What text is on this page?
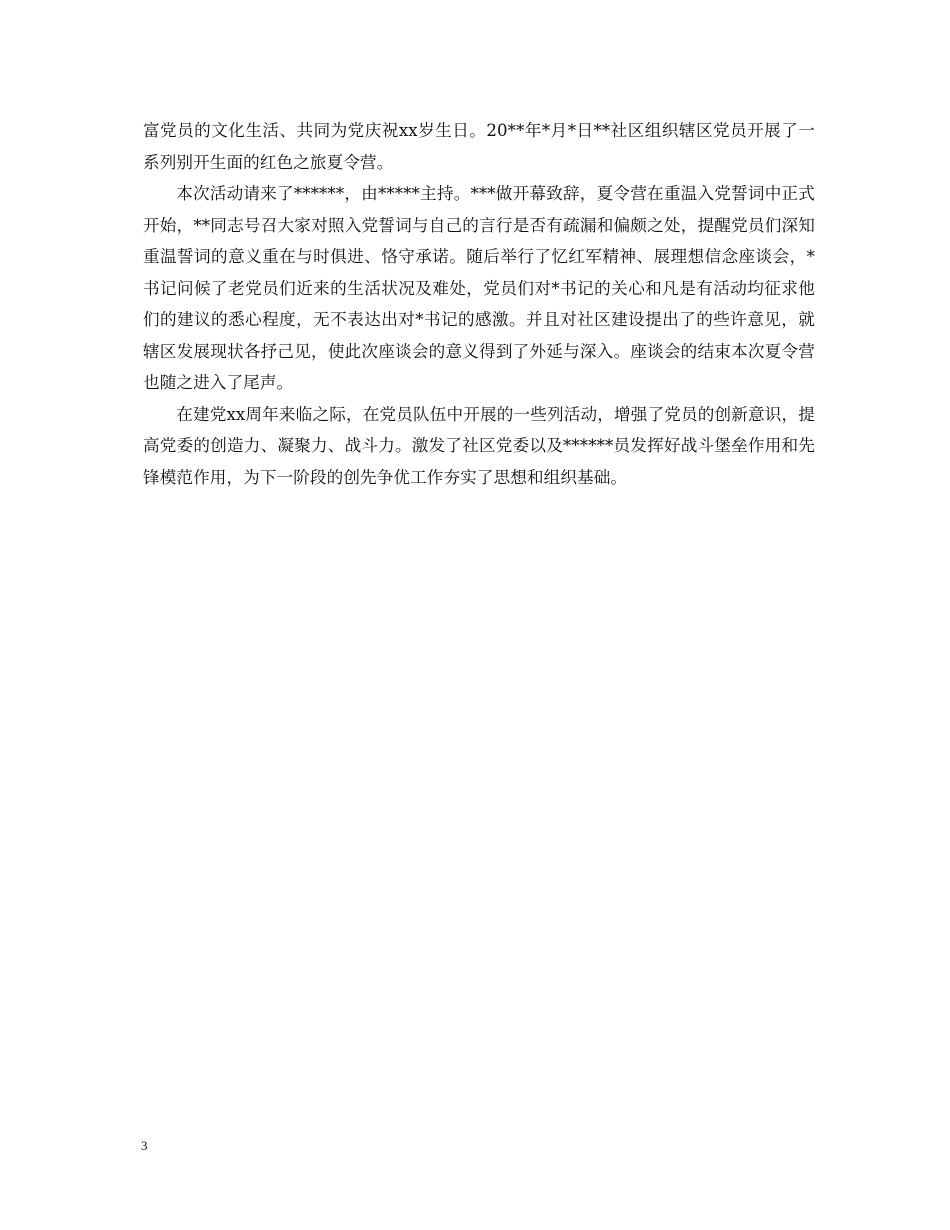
富党员的文化生活、共同为党庆祝xx岁生日。20**年*月*日**社区组织辖区党员开展了一系列别开生面的红色之旅夏令营。

本次活动请来了******，由*****主持。***做开幕致辞，夏令营在重温入党誓词中正式开始，**同志号召大家对照入党誓词与自己的言行是否有疏漏和偏颇之处，提醒党员们深知重温誓词的意义重在与时俱进、恪守承诺。随后举行了忆红军精神、展理想信念座谈会，*书记问候了老党员们近来的生活状况及难处，党员们对*书记的关心和凡是有活动均征求他们的建议的悉心程度，无不表达出对*书记的感激。并且对社区建设提出了的些许意见，就辖区发展现状各抒己见，使此次座谈会的意义得到了外延与深入。座谈会的结束本次夏令营也随之进入了尾声。

在建党xx周年来临之际，在党员队伍中开展的一些列活动，增强了党员的创新意识，提高党委的创造力、凝聚力、战斗力。激发了社区党委以及******员发挥好战斗堡垒作用和先锋模范作用，为下一阶段的创先争优工作夯实了思想和组织基础。

3
